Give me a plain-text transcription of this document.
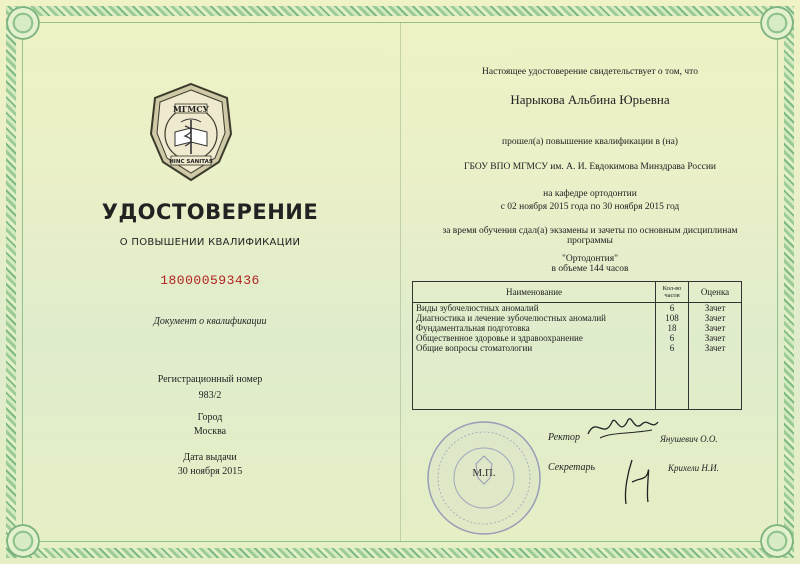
МГМСУ
HINC SANITAS
УДОСТОВЕРЕНИЕ
О ПОВЫШЕНИИ КВАЛИФИКАЦИИ
180000593436
Документ о квалификации
Регистрационный номер
983/2
Город
Москва
Дата выдачи
30 ноября 2015
Настоящее удостоверение свидетельствует о том, что
Нарыкова Альбина Юрьевна
прошел(а) повышение квалификации в (на)
ГБОУ ВПО МГМСУ им. А. И. Евдокимова Минздрава России
на кафедре ортодонтии
с 02 ноября 2015 года по 30 ноября 2015 год
за время обучения сдал(а) экзамены и зачеты по основным дисциплинам
программы
"Ортодонтия"
в объеме 144 часов
Наименование	Кол-во часов	Оценка
Виды зубочелюстных аномалий	6	Зачет
Диагностика и лечение зубочелюстных аномалий	108	Зачет
Фундаментальная подготовка	18	Зачет
Общественное здоровье и здравоохранение	6	Зачет
Общие вопросы стоматологии	6	Зачет

М.П.
Ректор	Янушевич О.О.
Секретарь	Крихели Н.И.
